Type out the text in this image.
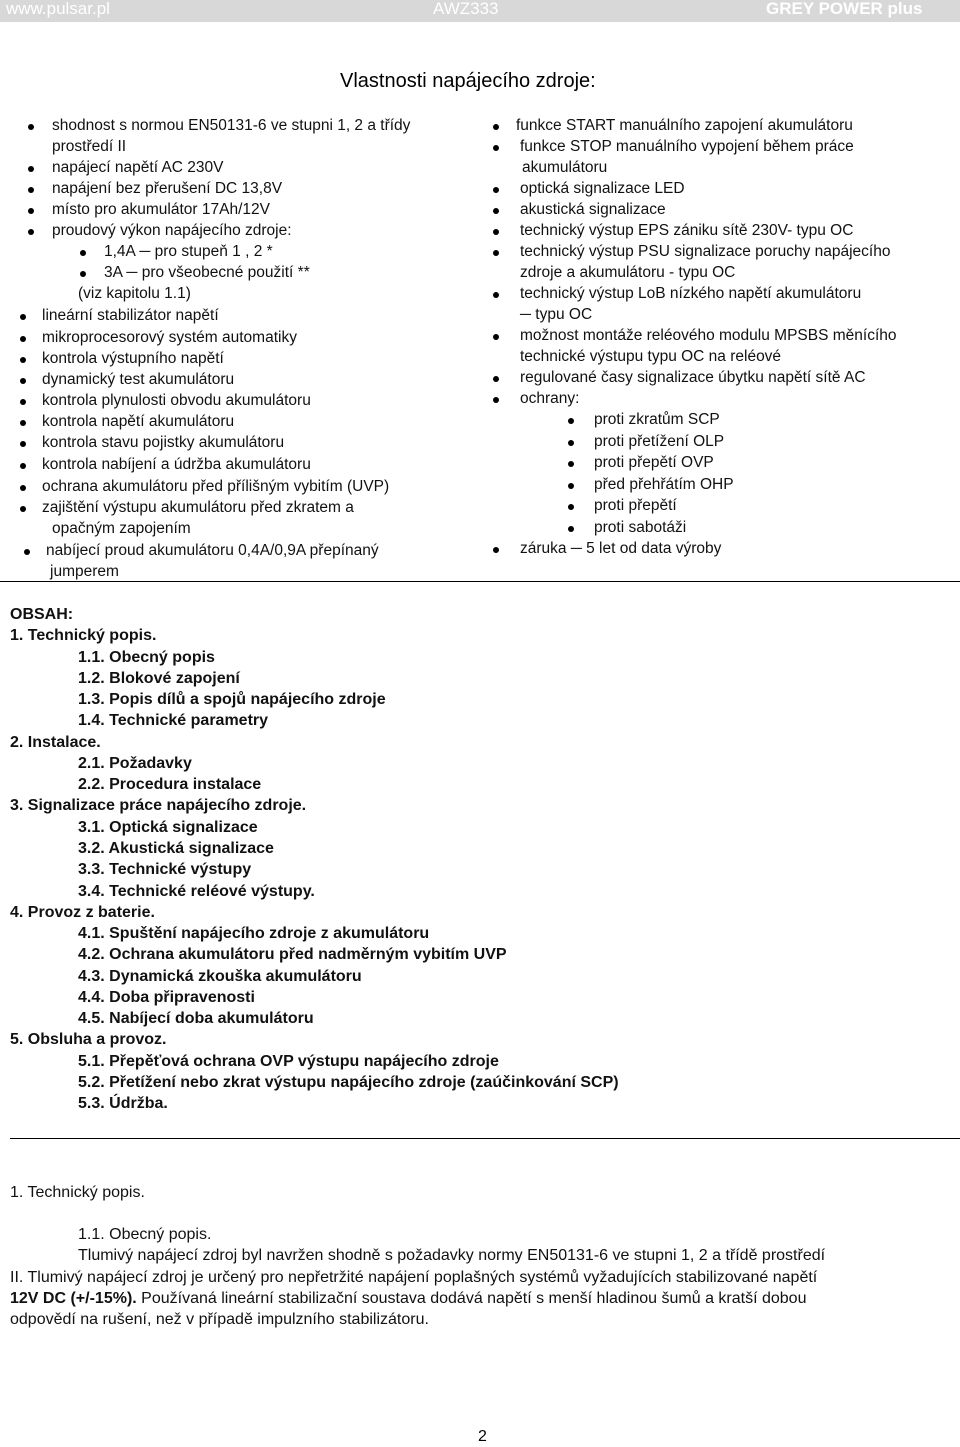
www.pulsar.pl	AWZ333	GREY POWER plus
Vlastnosti napájecího zdroje:
shodnost s normou EN50131-6 ve stupni 1, 2 a třídy
prostředí II
napájecí napětí AC 230V
napájení bez přerušení DC 13,8V
místo pro akumulátor 17Ah/12V
proudový výkon napájecího zdroje:
1,4A ─ pro stupeň 1 , 2 *
3A ─ pro všeobecné použití **
(viz kapitolu 1.1)
lineární stabilizátor napětí
mikroprocesorový systém automatiky
kontrola výstupního napětí
dynamický test akumulátoru
kontrola plynulosti obvodu akumulátoru
kontrola napětí akumulátoru
kontrola stavu pojistky akumulátoru
kontrola nabíjení a údržba akumulátoru
ochrana akumulátoru před přílišným vybitím (UVP)
zajištění výstupu akumulátoru před zkratem a
opačným zapojením
nabíjecí proud akumulátoru 0,4A/0,9A přepínaný
jumperem
funkce START manuálního zapojení akumulátoru
funkce STOP manuálního vypojení během práce
akumulátoru
optická signalizace LED
akustická signalizace
technický výstup EPS zániku sítě 230V- typu OC
technický výstup PSU signalizace poruchy napájecího
zdroje a akumulátoru - typu OC
technický výstup LoB nízkého napětí akumulátoru
─ typu OC
možnost montáže reléového modulu MPSBS měnícího
technické výstupu typu OC na reléové
regulované časy signalizace úbytku napětí sítě AC
ochrany:
proti zkratům SCP
proti přetížení OLP
proti přepětí OVP
před přehřátím OHP
proti přepětí
proti sabotáži
záruka ─ 5 let od data výroby
OBSAH:
1. Technický popis.
1.1. Obecný popis
1.2. Blokové zapojení
1.3. Popis dílů a spojů napájecího zdroje
1.4. Technické parametry
2. Instalace.
2.1. Požadavky
2.2. Procedura instalace
3. Signalizace práce napájecího zdroje.
3.1. Optická signalizace
3.2. Akustická signalizace
3.3. Technické výstupy
3.4. Technické reléové výstupy.
4. Provoz z baterie.
4.1. Spuštění napájecího zdroje z akumulátoru
4.2. Ochrana akumulátoru před nadměrným vybitím UVP
4.3. Dynamická zkouška akumulátoru
4.4. Doba připravenosti
4.5. Nabíjecí doba akumulátoru
5. Obsluha a provoz.
5.1. Přepěťová ochrana OVP výstupu napájecího zdroje
5.2. Přetížení nebo zkrat výstupu napájecího zdroje (zaúčinkování SCP)
5.3. Údržba.
1. Technický popis.
1.1. Obecný popis.
Tlumivý napájecí zdroj byl navržen shodně s požadavky normy EN50131-6 ve stupni 1, 2 a třídě prostředí
II. Tlumivý napájecí zdroj je určený pro nepřetržité napájení poplašných systémů vyžadujících stabilizované napětí
12V DC (+/-15%). Používaná lineární stabilizační soustava dodává napětí s menší hladinou šumů a kratší dobou
odpovědí na rušení, než v případě impulzního stabilizátoru.
2
